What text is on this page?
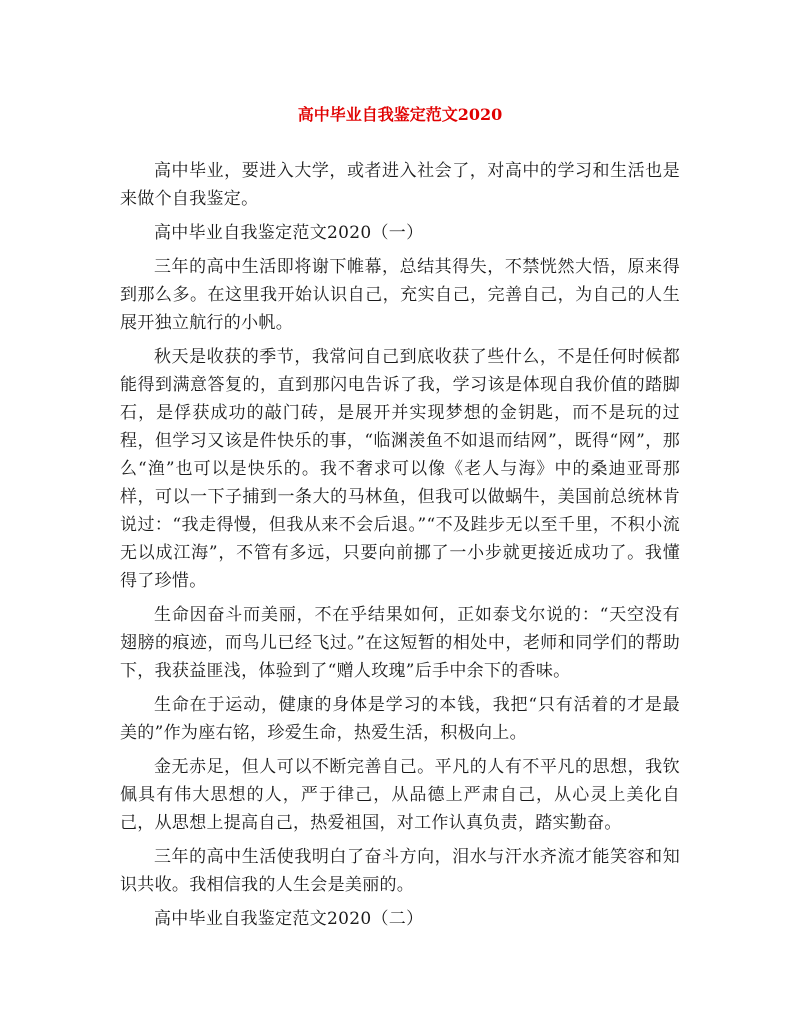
高中毕业自我鉴定范文2020

高中毕业，要进入大学，或者进入社会了，对高中的学习和生活也是来做个自我鉴定。

高中毕业自我鉴定范文2020（一）

三年的高中生活即将谢下帷幕，总结其得失，不禁恍然大悟，原来得到那么多。在这里我开始认识自己，充实自己，完善自己，为自己的人生展开独立航行的小帆。

秋天是收获的季节，我常问自己到底收获了些什么，不是任何时候都能得到满意答复的，直到那闪电告诉了我，学习该是体现自我价值的踏脚石，是俘获成功的敲门砖，是展开并实现梦想的金钥匙，而不是玩的过程，但学习又该是件快乐的事，“临渊羡鱼不如退而结网”，既得“网”，那么“渔”也可以是快乐的。我不奢求可以像《老人与海》中的桑迪亚哥那样，可以一下子捕到一条大的马林鱼，但我可以做蜗牛，美国前总统林肯说过：“我走得慢，但我从来不会后退。”“不及跬步无以至千里，不积小流无以成江海”，不管有多远，只要向前挪了一小步就更接近成功了。我懂得了珍惜。

生命因奋斗而美丽，不在乎结果如何，正如泰戈尔说的：“天空没有翅膀的痕迹，而鸟儿已经飞过。”在这短暂的相处中，老师和同学们的帮助下，我获益匪浅，体验到了“赠人玫瑰”后手中余下的香味。

生命在于运动，健康的身体是学习的本钱，我把“只有活着的才是最美的”作为座右铭，珍爱生命，热爱生活，积极向上。

金无赤足，但人可以不断完善自己。平凡的人有不平凡的思想，我钦佩具有伟大思想的人，严于律己，从品德上严肃自己，从心灵上美化自己，从思想上提高自己，热爱祖国，对工作认真负责，踏实勤奋。

三年的高中生活使我明白了奋斗方向，泪水与汗水齐流才能笑容和知识共收。我相信我的人生会是美丽的。

高中毕业自我鉴定范文2020（二）
